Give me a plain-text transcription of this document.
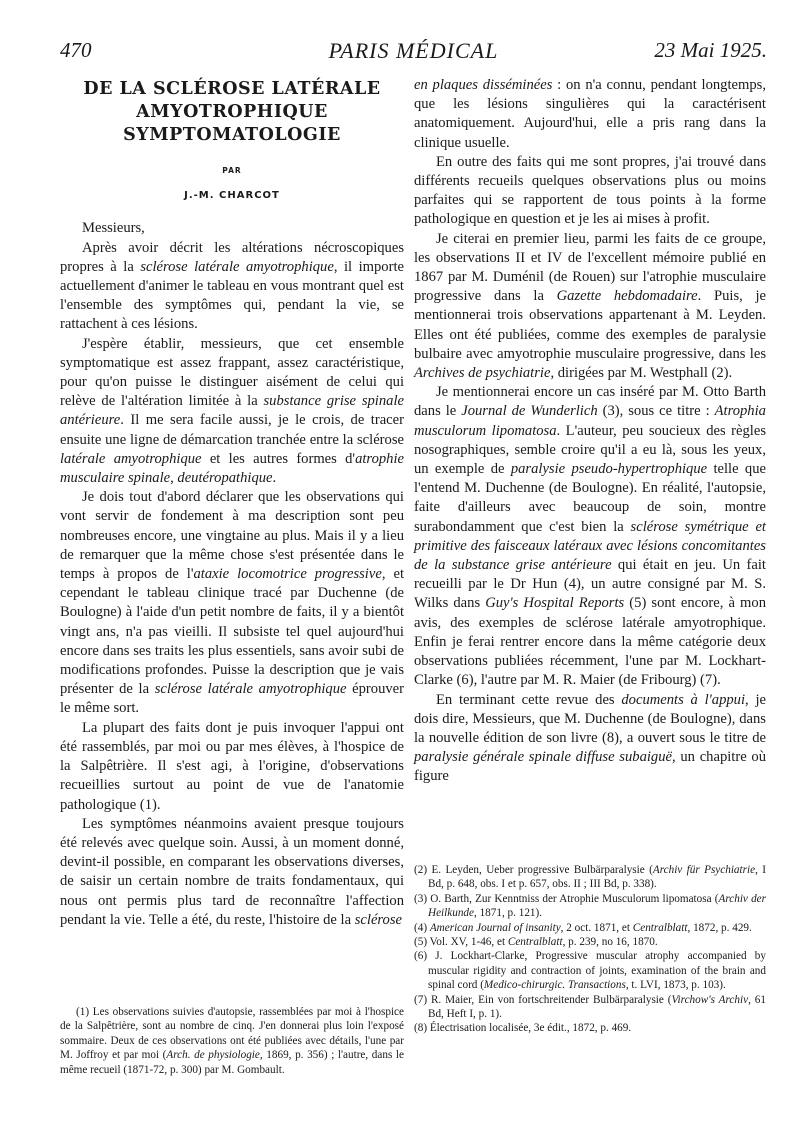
470	PARIS MÉDICAL	23 Mai 1925.
DE LA SCLÉROSE LATÉRALE
AMYOTROPHIQUE
SYMPTOMATOLOGIE
PAR
J.-M. CHARCOT

Messieurs,

Après avoir décrit les altérations nécroscopiques propres à la sclérose latérale amyotrophique, il importe actuellement d'animer le tableau en vous montrant quel est l'ensemble des symptômes qui, pendant la vie, se rattachent à ces lésions.

J'espère établir, messieurs, que cet ensemble symptomatique est assez frappant, assez caractéristique, pour qu'on puisse le distinguer aisément de celui qui relève de l'altération limitée à la substance grise spinale antérieure. Il me sera facile aussi, je le crois, de tracer ensuite une ligne de démarcation tranchée entre la sclérose latérale amyotrophique et les autres formes d'atrophie musculaire spinale, deutéropathique.

Je dois tout d'abord déclarer que les observations qui vont servir de fondement à ma description sont peu nombreuses encore, une vingtaine au plus. Mais il y a lieu de remarquer que la même chose s'est présentée dans le temps à propos de l'ataxie locomotrice progressive, et cependant le tableau clinique tracé par Duchenne (de Boulogne) à l'aide d'un petit nombre de faits, il y a bientôt vingt ans, n'a pas vieilli. Il subsiste tel quel aujourd'hui encore dans ses traits les plus essentiels, sans avoir subi de modifications profondes. Puisse la description que je vais présenter de la sclérose latérale amyotrophique éprouver le même sort.

La plupart des faits dont je puis invoquer l'appui ont été rassemblés, par moi ou par mes élèves, à l'hospice de la Salpêtrière. Il s'est agi, à l'origine, d'observations recueillies surtout au point de vue de l'anatomie pathologique (1).

Les symptômes néanmoins avaient presque toujours été relevés avec quelque soin. Aussi, à un moment donné, devint-il possible, en comparant les observations diverses, de saisir un certain nombre de traits fondamentaux, qui nous ont permis plus tard de reconnaître l'affection pendant la vie. Telle a été, du reste, l'histoire de la sclérose

en plaques disséminées : on n'a connu, pendant longtemps, que les lésions singulières qui la caractérisent anatomiquement. Aujourd'hui, elle a pris rang dans la clinique usuelle.

En outre des faits qui me sont propres, j'ai trouvé dans différents recueils quelques observations plus ou moins parfaites qui se rapportent de tous points à la forme pathologique en question et je les ai mises à profit.

Je citerai en premier lieu, parmi les faits de ce groupe, les observations II et IV de l'excellent mémoire publié en 1867 par M. Duménil (de Rouen) sur l'atrophie musculaire progressive dans la Gazette hebdomadaire. Puis, je mentionnerai trois observations appartenant à M. Leyden. Elles ont été publiées, comme des exemples de paralysie bulbaire avec amyotrophie musculaire progressive, dans les Archives de psychiatrie, dirigées par M. Westphall (2).

Je mentionnerai encore un cas inséré par M. Otto Barth dans le Journal de Wunderlich (3), sous ce titre : Atrophia musculorum lipomatosa. L'auteur, peu soucieux des règles nosographiques, semble croire qu'il a eu là, sous les yeux, un exemple de paralysie pseudo-hypertrophique telle que l'entend M. Duchenne (de Boulogne). En réalité, l'autopsie, faite d'ailleurs avec beaucoup de soin, montre surabondamment que c'est bien la sclérose symétrique et primitive des faisceaux latéraux avec lésions concomitantes de la substance grise antérieure qui était en jeu. Un fait recueilli par le Dr Hun (4), un autre consigné par M. S. Wilks dans Guy's Hospital Reports (5) sont encore, à mon avis, des exemples de sclérose latérale amyotrophique. Enfin je ferai rentrer encore dans la même catégorie deux observations publiées récemment, l'une par M. Lockhart-Clarke (6), l'autre par M. R. Maier (de Fribourg) (7).

En terminant cette revue des documents à l'appui, je dois dire, Messieurs, que M. Duchenne (de Boulogne), dans la nouvelle édition de son livre (8), a ouvert sous le titre de paralysie générale spinale diffuse subaiguë, un chapitre où figure

(1) Les observations suivies d'autopsie, rassemblées par moi à l'hospice de la Salpêtrière, sont au nombre de cinq. J'en donnerai plus loin l'exposé sommaire. Deux de ces observations ont été publiées avec détails, l'une par M. Joffroy et par moi (Arch. de physiologie, 1869, p. 356) ; l'autre, dans le même recueil (1871-72, p. 300) par M. Gombault.

(2) E. Leyden, Ueber progressive Bulbärparalysie (Archiv für Psychiatrie, I Bd, p. 648, obs. I et p. 657, obs. II ; III Bd, p. 338).

(3) O. Barth, Zur Kenntniss der Atrophie Musculorum lipomatosa (Archiv der Heilkunde, 1871, p. 121).

(4) American Journal of insanity, 2 oct. 1871, et Centralblatt, 1872, p. 429.

(5) Vol. XV, 1-46, et Centralblatt, p. 239, no 16, 1870.

(6) J. Lockhart-Clarke, Progressive muscular atrophy accompanied by muscular rigidity and contraction of joints, examination of the brain and spinal cord (Medico-chirurgic. Transactions, t. LVI, 1873, p. 103).

(7) R. Maier, Ein von fortschreitender Bulbärparalysie (Virchow's Archiv, 61 Bd, Heft I, p. 1).

(8) Électrisation localisée, 3e édit., 1872, p. 469.
